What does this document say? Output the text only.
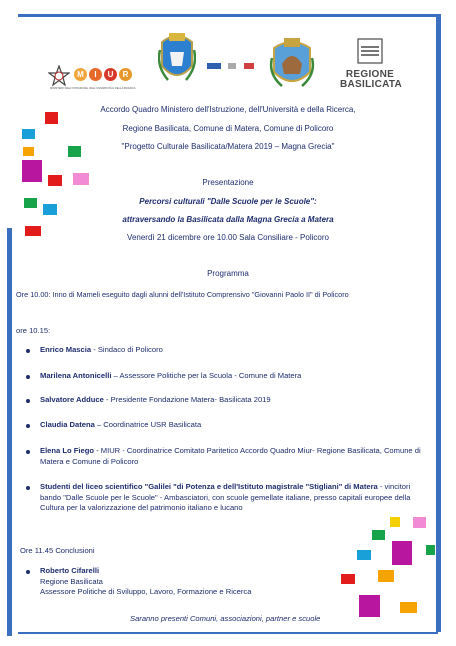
M	I	U	R
MINISTERO DELL'ISTRUZIONE, DELL'UNIVERSITÀ E DELLA RICERCA

REGIONE
BASILICATA
Accordo Quadro Ministero dell'Istruzione, dell'Università e della Ricerca,
Regione Basilicata, Comune di Matera, Comune di Policoro
"Progetto Culturale Basilicata/Matera 2019 – Magna Grecia"
Presentazione
Percorsi culturali "Dalle Scuole per le Scuole":
attraversando la Basilicata dalla Magna Grecia a Matera
Venerdì 21 dicembre ore 10.00 Sala Consiliare - Policoro
Programma
Ore 10.00: Inno di Mameli eseguito dagli alunni dell'Istituto Comprensivo "Giovanni Paolo II" di Policoro
ore 10.15:
Enrico Mascia - Sindaco di Policoro
Marilena Antonicelli – Assessore Politiche per la Scuola - Comune di Matera
Salvatore Adduce - Presidente Fondazione Matera- Basilicata 2019
Claudia Datena – Coordinatrice USR Basilicata
Elena Lo Fiego - MIUR - Coordinatrice Comitato Paritetico Accordo Quadro Miur- Regione Basilicata, Comune di Matera e Comune di Policoro
Studenti del liceo scientifico "Galilei "di Potenza e dell'Istituto magistrale "Stigliani" di Matera - vincitori bando "Dalle Scuole per le Scuole" - Ambasciatori, con scuole gemellate italiane, presso capitali europee della Cultura per la valorizzazione del patrimonio italiano e lucano
Ore 11.45 Conclusioni
Roberto Cifarelli
Regione Basilicata
Assessore Politiche di Sviluppo, Lavoro, Formazione e Ricerca
Saranno presenti Comuni, associazioni, partner e scuole
